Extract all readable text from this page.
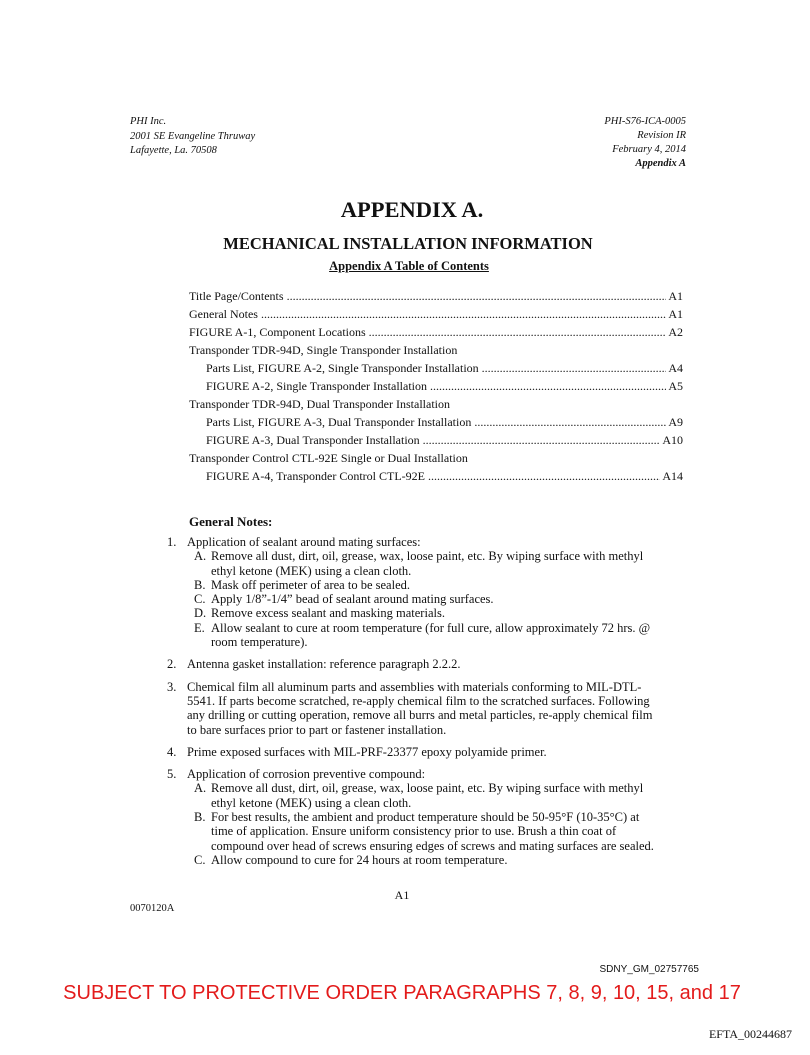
PHI Inc.
2001 SE Evangeline Thruway
Lafayette, La. 70508
PHI-S76-ICA-0005
Revision IR
February 4, 2014
Appendix A
APPENDIX A.
MECHANICAL INSTALLATION INFORMATION
Appendix A Table of Contents
Title Page/Contents .....	A1
General Notes .....	A1
FIGURE A-1, Component Locations .....	A2
Transponder TDR-94D, Single Transponder Installation
Parts List, FIGURE A-2, Single Transponder Installation .....	A4
FIGURE A-2, Single Transponder Installation .....	A5
Transponder TDR-94D, Dual Transponder Installation
Parts List, FIGURE A-3, Dual Transponder Installation .....	A9
FIGURE A-3, Dual Transponder Installation .....	A10
Transponder Control CTL-92E Single or Dual Installation
FIGURE A-4, Transponder Control CTL-92E .....	A14
General Notes:
1. Application of sealant around mating surfaces:
A. Remove all dust, dirt, oil, grease, wax, loose paint, etc. By wiping surface with methyl
ethyl ketone (MEK) using a clean cloth.
B. Mask off perimeter of area to be sealed.
C. Apply 1/8”-1/4” bead of sealant around mating surfaces.
D. Remove excess sealant and masking materials.
E. Allow sealant to cure at room temperature (for full cure, allow approximately 72 hrs. @
room temperature).
2. Antenna gasket installation: reference paragraph 2.2.2.
3. Chemical film all aluminum parts and assemblies with materials conforming to MIL-DTL-
5541. If parts become scratched, re-apply chemical film to the scratched surfaces. Following
any drilling or cutting operation, remove all burrs and metal particles, re-apply chemical film
to bare surfaces prior to part or fastener installation.
4. Prime exposed surfaces with MIL-PRF-23377 epoxy polyamide primer.
5. Application of corrosion preventive compound:
A. Remove all dust, dirt, oil, grease, wax, loose paint, etc. By wiping surface with methyl
ethyl ketone (MEK) using a clean cloth.
B. For best results, the ambient and product temperature should be 50-95°F (10-35°C) at
time of application. Ensure uniform consistency prior to use. Brush a thin coat of
compound over head of screws ensuring edges of screws and mating surfaces are sealed.
C. Allow compound to cure for 24 hours at room temperature.
A1
0070120A
SDNY_GM_02757765
SUBJECT TO PROTECTIVE ORDER PARAGRAPHS 7, 8, 9, 10, 15, and 17
EFTA_00244687
